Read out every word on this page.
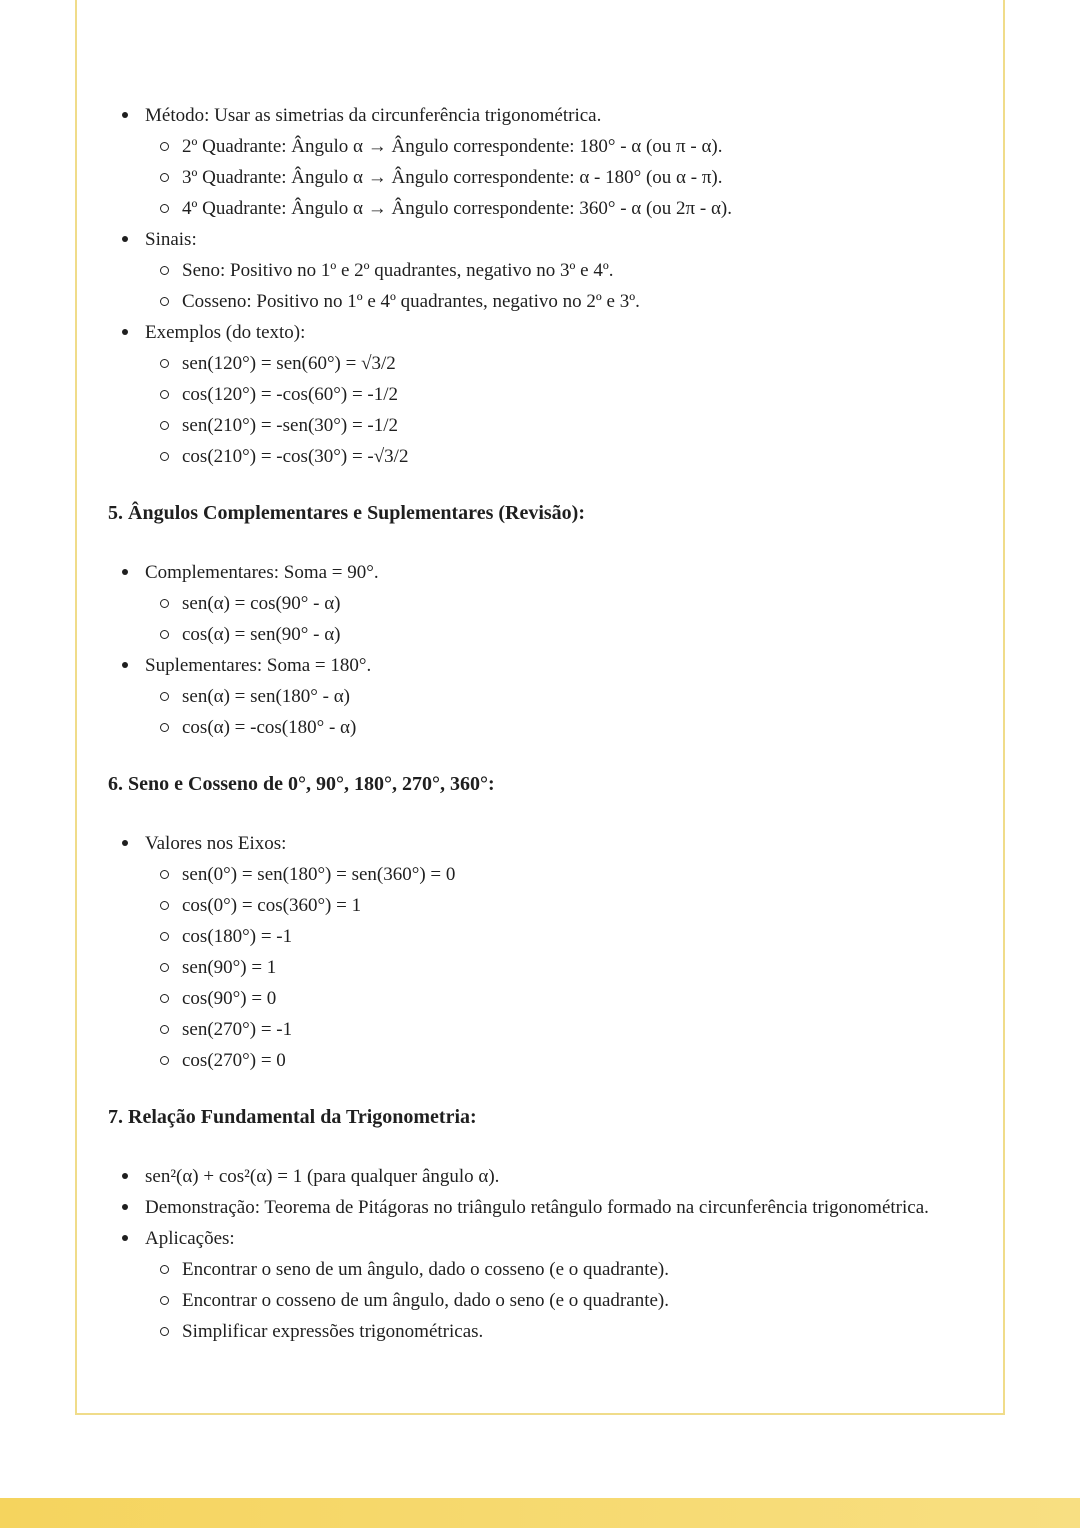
Método: Usar as simetrias da circunferência trigonométrica.
2º Quadrante: Ângulo α → Ângulo correspondente: 180° - α (ou π - α).
3º Quadrante: Ângulo α → Ângulo correspondente: α - 180° (ou α - π).
4º Quadrante: Ângulo α → Ângulo correspondente: 360° - α (ou 2π - α).
Sinais:
Seno: Positivo no 1º e 2º quadrantes, negativo no 3º e 4º.
Cosseno: Positivo no 1º e 4º quadrantes, negativo no 2º e 3º.
Exemplos (do texto):
sen(120°) = sen(60°) = √3/2
cos(120°) = -cos(60°) = -1/2
sen(210°) = -sen(30°) = -1/2
cos(210°) = -cos(30°) = -√3/2
5. Ângulos Complementares e Suplementares (Revisão):
Complementares: Soma = 90°.
sen(α) = cos(90° - α)
cos(α) = sen(90° - α)
Suplementares: Soma = 180°.
sen(α) = sen(180° - α)
cos(α) = -cos(180° - α)
6. Seno e Cosseno de 0°, 90°, 180°, 270°, 360°:
Valores nos Eixos:
sen(0°) = sen(180°) = sen(360°) = 0
cos(0°) = cos(360°) = 1
cos(180°) = -1
sen(90°) = 1
cos(90°) = 0
sen(270°) = -1
cos(270°) = 0
7. Relação Fundamental da Trigonometria:
sen²(α) + cos²(α) = 1 (para qualquer ângulo α).
Demonstração: Teorema de Pitágoras no triângulo retângulo formado na circunferência trigonométrica.
Aplicações:
Encontrar o seno de um ângulo, dado o cosseno (e o quadrante).
Encontrar o cosseno de um ângulo, dado o seno (e o quadrante).
Simplificar expressões trigonométricas.
